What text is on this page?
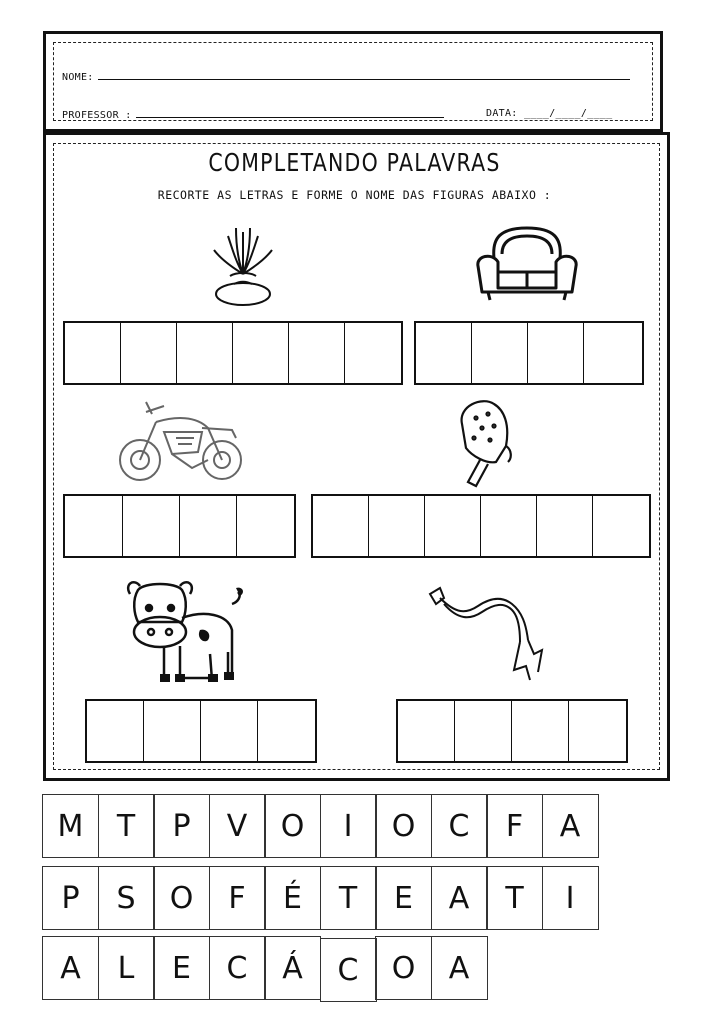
NOME:
PROFESSOR :	DATA: ____/____/____
COMPLETANDO PALAVRAS
RECORTE AS LETRAS E FORME O NOME DAS FIGURAS ABAIXO :
M	T	P	V	O	I	O	C	F	A
P	S	O	F	É	T	E	A	T	I
A	L	E	C	Á	C	O	A
